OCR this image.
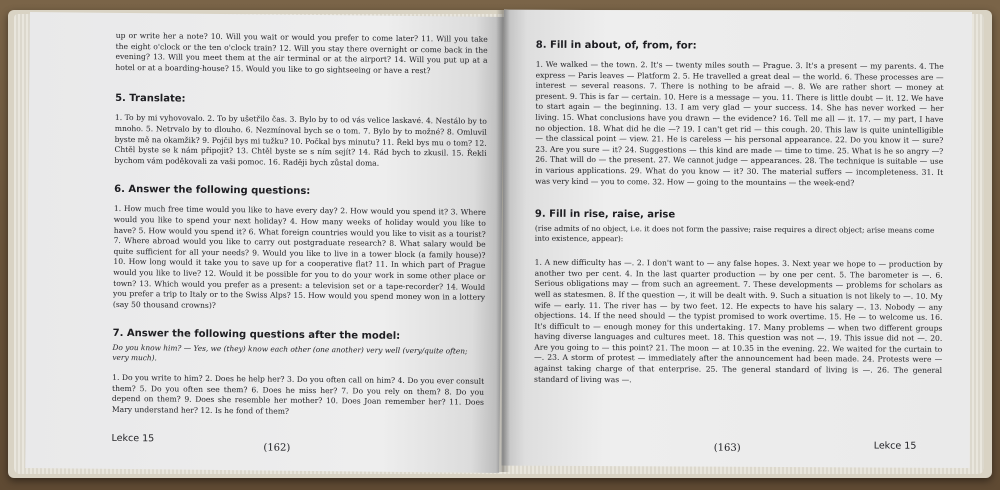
up or write her a note? 10. Will you wait or would you prefer to come later? 11. Will you take the eight o'clock or the ten o'clock train? 12. Will you stay there overnight or come back in the evening? 13. Will you meet them at the air terminal or at the airport? 14. Will you put up at a hotel or at a boarding-house? 15. Would you like to go sightseeing or have a rest?

5. Translate:

1. To by mi vyhovovalo. 2. To by ušetřilo čas. 3. Bylo by to od vás velice laskavé. 4. Nestálo by to mnoho. 5. Netrvalo by to dlouho. 6. Nezmínoval bych se o tom. 7. Bylo by to možné? 8. Omluvil byste mě na okamžik? 9. Pojčil bys mi tužku? 10. Počkal bys minutu? 11. Řekl bys mu o tom? 12. Chtěl byste se k nám připojit? 13. Chtěl byste se s ním sejít? 14. Rád bych to zkusil. 15. Řekli bychom vám poděkovali za vaši pomoc. 16. Raději bych zůstal doma.

6. Answer the following questions:

1. How much free time would you like to have every day? 2. How would you spend it? 3. Where would you like to spend your next holiday? 4. How many weeks of holiday would you like to have? 5. How would you spend it? 6. What foreign countries would you like to visit as a tourist? 7. Where abroad would you like to carry out postgraduate research? 8. What salary would be quite sufficient for all your needs? 9. Would you like to live in a tower block (a family house)? 10. How long would it take you to save up for a cooperative flat? 11. In which part of Prague would you like to live? 12. Would it be possible for you to do your work in some other place or town? 13. Which would you prefer as a present: a television set or a tape-recorder? 14. Would you prefer a trip to Italy or to the Swiss Alps? 15. How would you spend money won in a lottery (say 50 thousand crowns)?

7. Answer the following questions after the model:

Do you know him? — Yes, we (they) know each other (one another) very well (very/quite often; very much).

1. Do you write to him? 2. Does he help her? 3. Do you often call on him? 4. Do you ever consult them? 5. Do you often see them? 6. Does he miss her? 7. Do you rely on them? 8. Do you depend on them? 9. Does she resemble her mother? 10. Does Joan remember her? 11. Does Mary understand her? 12. Is he fond of them?

Lekce 15
(162)
8. Fill in about, of, from, for:

1. We walked — the town. 2. It's — twenty miles south — Prague. 3. It's a present — my parents. 4. The express — Paris leaves — Platform 2. 5. He travelled a great deal — the world. 6. These processes are — interest — several reasons. 7. There is nothing to be afraid —. 8. We are rather short — money at present. 9. This is far — certain. 10. Here is a message — you. 11. There is little doubt — it. 12. We have to start again — the beginning. 13. I am very glad — your success. 14. She has never worked — her living. 15. What conclusions have you drawn — the evidence? 16. Tell me all — it. 17. — my part, I have no objection. 18. What did he die —? 19. I can't get rid — this cough. 20. This law is quite unintelligible — the classical point — view. 21. He is careless — his personal appearance. 22. Do you know it — sure? 23. Are you sure — it? 24. Suggestions — this kind are made — time to time. 25. What is he so angry —? 26. That will do — the present. 27. We cannot judge — appearances. 28. The technique is suitable — use in various applications. 29. What do you know — it? 30. The material suffers — incompleteness. 31. It was very kind — you to come. 32. How — going to the mountains — the week-end?

9. Fill in rise, raise, arise

(rise admits of no object, i.e. it does not form the passive; raise requires a direct object; arise means come into existence, appear):

1. A new difficulty has —. 2. I don't want to — any false hopes. 3. Next year we hope to — production by another two per cent. 4. In the last quarter production — by one per cent. 5. The barometer is —. 6. Serious obligations may — from such an agreement. 7. These developments — problems for scholars as well as statesmen. 8. If the question —, it will be dealt with. 9. Such a situation is not likely to —. 10. My wife — early. 11. The river has — by two feet. 12. He expects to have his salary —. 13. Nobody — any objections. 14. If the need should — the typist promised to work overtime. 15. He — to welcome us. 16. It's difficult to — enough money for this undertaking. 17. Many problems — when two different groups having diverse languages and cultures meet. 18. This question was not —. 19. This issue did not —. 20. Are you going to — this point? 21. The moon — at 10.35 in the evening. 22. We waited for the curtain to —. 23. A storm of protest — immediately after the announcement had been made. 24. Protests were — against taking charge of that enterprise. 25. The general standard of living is —. 26. The general standard of living was —.

(163)	Lekce 15
